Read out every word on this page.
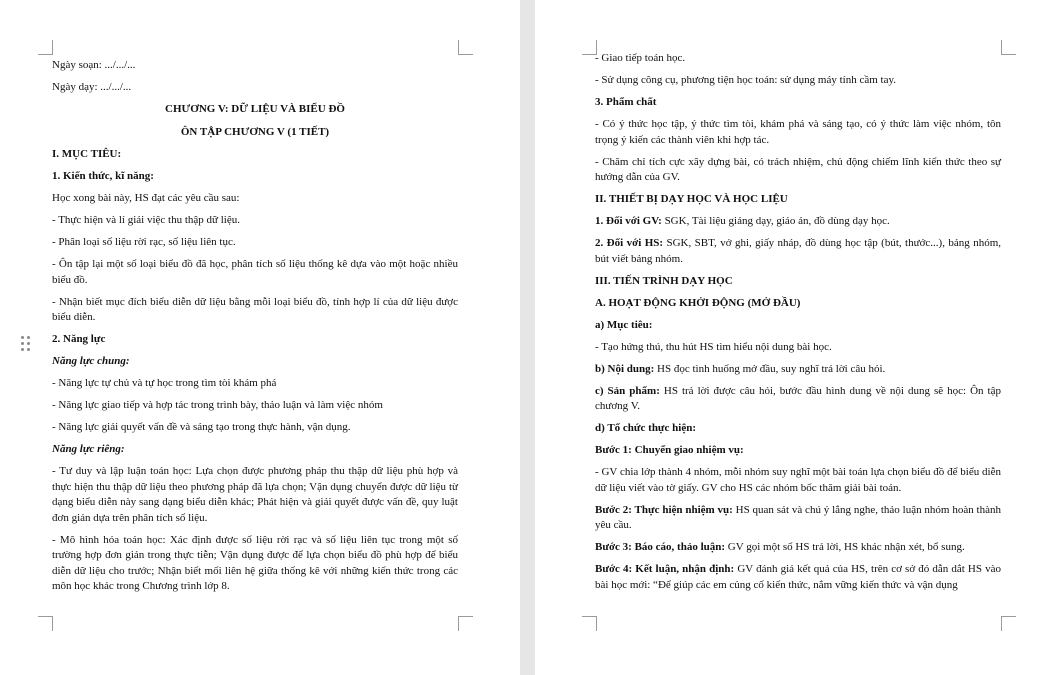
Ngày soạn: .../.../...

Ngày dạy: .../.../...

CHƯƠNG V: DỮ LIỆU VÀ BIỂU ĐỒ

ÔN TẬP CHƯƠNG V (1 TIẾT)

I. MỤC TIÊU:

1. Kiến thức, kĩ năng:

Học xong bài này, HS đạt các yêu cầu sau:

- Thực hiện và lí giải việc thu thập dữ liệu.

- Phân loại số liệu rời rạc, số liệu liên tục.

- Ôn tập lại một số loại biểu đồ đã học, phân tích số liệu thống kê dựa vào một hoặc nhiều biểu đồ.

- Nhận biết mục đích biểu diễn dữ liệu bằng mỗi loại biểu đồ, tính hợp lí của dữ liệu được biểu diễn.

2. Năng lực

Năng lực chung:

- Năng lực tự chủ và tự học trong tìm tòi khám phá

- Năng lực giao tiếp và hợp tác trong trình bày, thảo luận và làm việc nhóm

- Năng lực giải quyết vấn đề và sáng tạo trong thực hành, vận dụng.

Năng lực riêng:

- Tư duy và lập luận toán học: Lựa chọn được phương pháp thu thập dữ liệu phù hợp và thực hiện thu thập dữ liệu theo phương pháp đã lựa chọn; Vận dụng chuyển được dữ liệu từ dạng biểu diễn này sang dạng biểu diễn khác; Phát hiện và giải quyết được vấn đề, quy luật đơn giản dựa trên phân tích số liệu.

- Mô hình hóa toán học: Xác định được số liệu rời rạc và số liệu liên tục trong một số trường hợp đơn giản trong thực tiễn; Vận dụng được để lựa chọn biểu đồ phù hợp để biểu diễn dữ liệu cho trước; Nhận biết mối liên hệ giữa thống kê với những kiến thức trong các môn học khác trong Chương trình lớp 8.

- Giao tiếp toán học.

- Sử dụng công cụ, phương tiện học toán: sử dụng máy tính cầm tay.

3. Phẩm chất

- Có ý thức học tập, ý thức tìm tòi, khám phá và sáng tạo, có ý thức làm việc nhóm, tôn trọng ý kiến các thành viên khi hợp tác.

- Chăm chỉ tích cực xây dựng bài, có trách nhiệm, chủ động chiếm lĩnh kiến thức theo sự hướng dẫn của GV.

II. THIẾT BỊ DẠY HỌC VÀ HỌC LIỆU

1. Đối với GV: SGK, Tài liệu giảng dạy, giáo án, đồ dùng dạy học.

2. Đối với HS: SGK, SBT, vở ghi, giấy nháp, đồ dùng học tập (bút, thước...), bảng nhóm, bút viết bảng nhóm.

III. TIẾN TRÌNH DẠY HỌC

A. HOẠT ĐỘNG KHỞI ĐỘNG (MỞ ĐẦU)

a) Mục tiêu:

- Tạo hứng thú, thu hút HS tìm hiểu nội dung bài học.

b) Nội dung: HS đọc tình huống mở đầu, suy nghĩ trả lời câu hỏi.

c) Sản phẩm: HS trả lời được câu hỏi, bước đầu hình dung về nội dung sẽ học: Ôn tập chương V.

d) Tổ chức thực hiện:

Bước 1: Chuyển giao nhiệm vụ:

- GV chia lớp thành 4 nhóm, mỗi nhóm suy nghĩ một bài toán lựa chọn biểu đồ để biểu diễn dữ liệu viết vào tờ giấy. GV cho HS các nhóm bốc thăm giải bài toán.

Bước 2: Thực hiện nhiệm vụ: HS quan sát và chú ý lắng nghe, thảo luận nhóm hoàn thành yêu cầu.

Bước 3: Báo cáo, thảo luận: GV gọi một số HS trả lời, HS khác nhận xét, bổ sung.

Bước 4: Kết luận, nhận định: GV đánh giá kết quả của HS, trên cơ sở đó dẫn dắt HS vào bài học mới: “Để giúp các em củng cố kiến thức, nắm vững kiến thức và vận dụng
